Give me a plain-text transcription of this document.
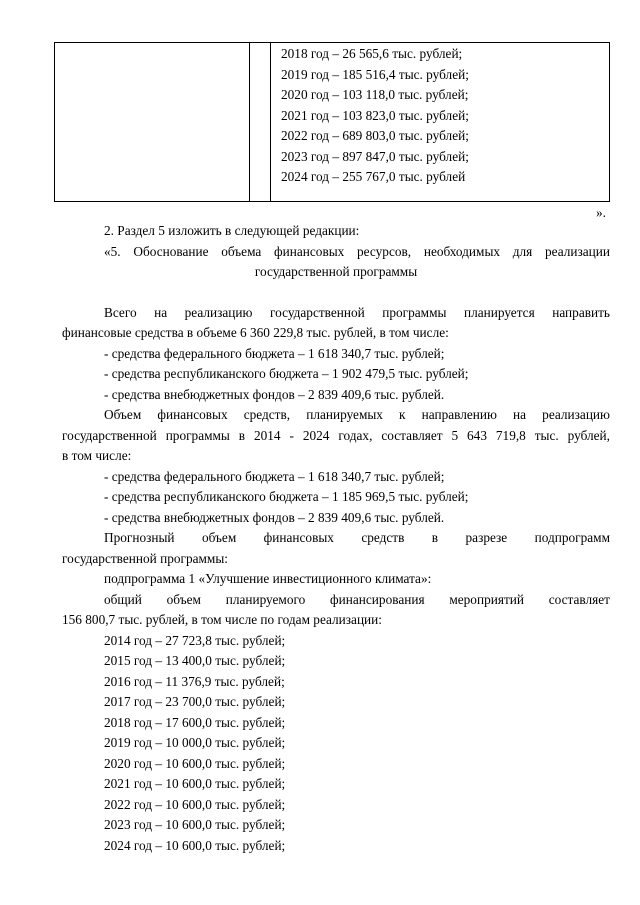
2018 год – 26 565,6 тыс. рублей;
2019 год – 185 516,4 тыс. рублей;
2020 год – 103 118,0 тыс. рублей;
2021 год – 103 823,0 тыс. рублей;
2022 год – 689 803,0 тыс. рублей;
2023 год – 897 847,0 тыс. рублей;
2024 год – 255 767,0 тыс. рублей
».
2. Раздел 5 изложить в следующей редакции:
«5. Обоснование объема финансовых ресурсов, необходимых для реализации
государственной программы
Всего на реализацию государственной программы планируется направить
финансовые средства в объеме 6 360 229,8 тыс. рублей, в том числе:
- средства федерального бюджета – 1 618 340,7 тыс. рублей;
- средства республиканского бюджета – 1 902 479,5 тыс. рублей;
- средства внебюджетных фондов – 2 839 409,6 тыс. рублей.
Объем финансовых средств, планируемых к направлению на реализацию
государственной программы в 2014 - 2024 годах, составляет 5 643 719,8 тыс. рублей,
в том числе:
- средства федерального бюджета – 1 618 340,7 тыс. рублей;
- средства республиканского бюджета – 1 185 969,5 тыс. рублей;
- средства внебюджетных фондов – 2 839 409,6 тыс. рублей.
Прогнозный объем финансовых средств в разрезе подпрограмм
государственной программы:
подпрограмма 1 «Улучшение инвестиционного климата»:
общий объем планируемого финансирования мероприятий составляет
156 800,7 тыс. рублей, в том числе по годам реализации:
2014 год – 27 723,8 тыс. рублей;
2015 год – 13 400,0 тыс. рублей;
2016 год – 11 376,9 тыс. рублей;
2017 год – 23 700,0 тыс. рублей;
2018 год – 17 600,0 тыс. рублей;
2019 год – 10 000,0 тыс. рублей;
2020 год – 10 600,0 тыс. рублей;
2021 год – 10 600,0 тыс. рублей;
2022 год – 10 600,0 тыс. рублей;
2023 год – 10 600,0 тыс. рублей;
2024 год – 10 600,0 тыс. рублей;
